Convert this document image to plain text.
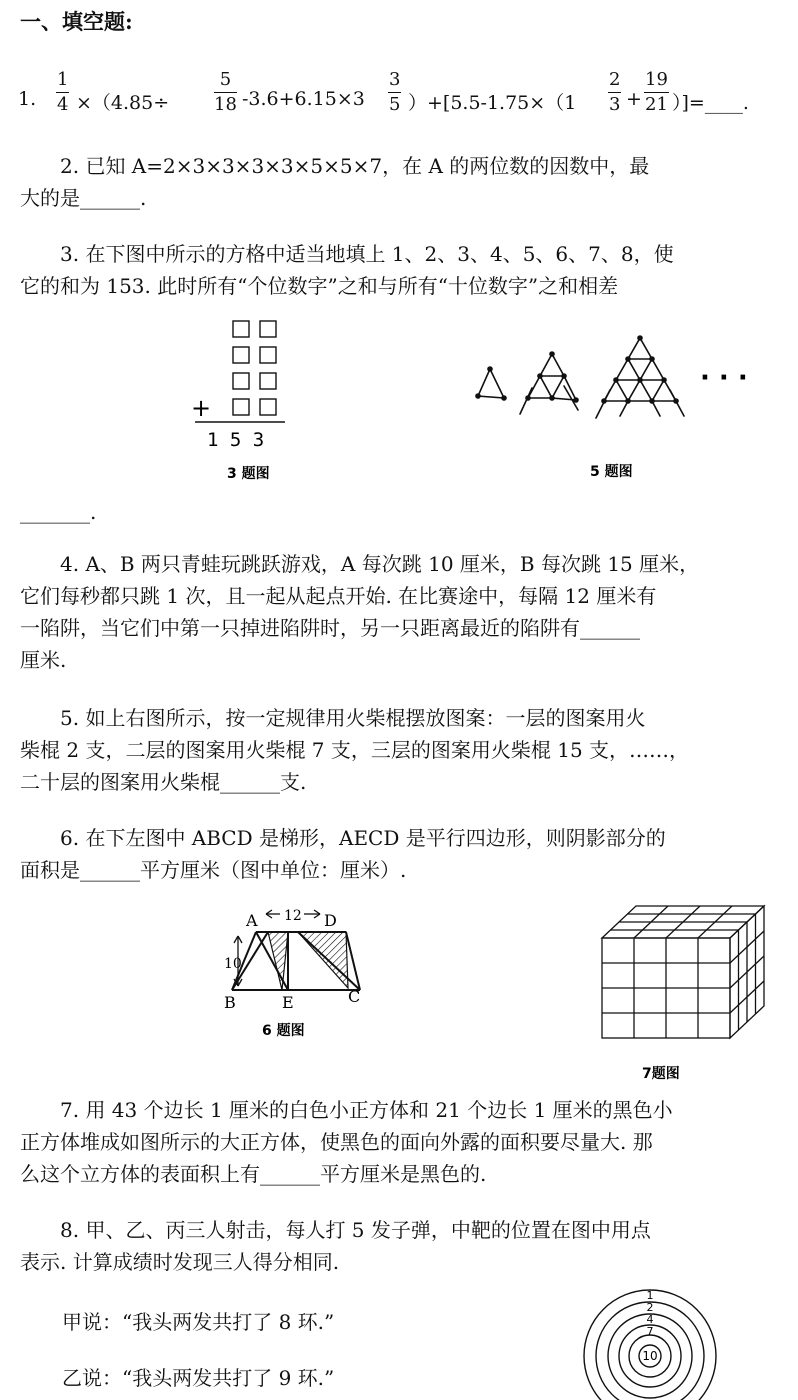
一、填空题:
1. $\frac{1}{4} \times(4.85\div \frac{5}{18} -3.6+6.15\times 3 \frac{3}{5} )+[5.5-1.75\times(1 \frac{2}{3} + \frac{19}{21}$ ）]=____.
2. 已知 A=2×3×3×3×3×5×5×7，在 A 的两位数的因数中，最
大的是______.
3. 在下图中所示的方格中适当地填上 1、2、3、4、5、6、7、8，使
它的和为 153. 此时所有“个位数字”之和与所有“十位数字”之和相差
+
1 5 3
3 题图
· · ·
5 题图
_______.
4. A、B 两只青蛙玩跳跃游戏，A 每次跳 10 厘米，B 每次跳 15 厘米，
它们每秒都只跳 1 次，且一起从起点开始. 在比赛途中，每隔 12 厘米有
一陷阱，当它们中第一只掉进陷阱时，另一只距离最近的陷阱有______
厘米.
5. 如上右图所示，按一定规律用火柴棍摆放图案：一层的图案用火
柴棍 2 支，二层的图案用火柴棍 7 支，三层的图案用火柴棍 15 支，……，
二十层的图案用火柴棍______支.
6. 在下左图中 ABCD 是梯形，AECD 是平行四边形，则阴影部分的
面积是______平方厘米（图中单位：厘米）.
A 12 D
10
B	E	C
6 题图
7题图
7. 用 43 个边长 1 厘米的白色小正方体和 21 个边长 1 厘米的黑色小
正方体堆成如图所示的大正方体，使黑色的面向外露的面积要尽量大. 那
么这个立方体的表面积上有______平方厘米是黑色的.
8. 甲、乙、丙三人射击，每人打 5 发子弹，中靶的位置在图中用点
表示. 计算成绩时发现三人得分相同.
甲说：“我头两发共打了 8 环.”
乙说：“我头两发共打了 9 环.”
1
2
4
7
10
